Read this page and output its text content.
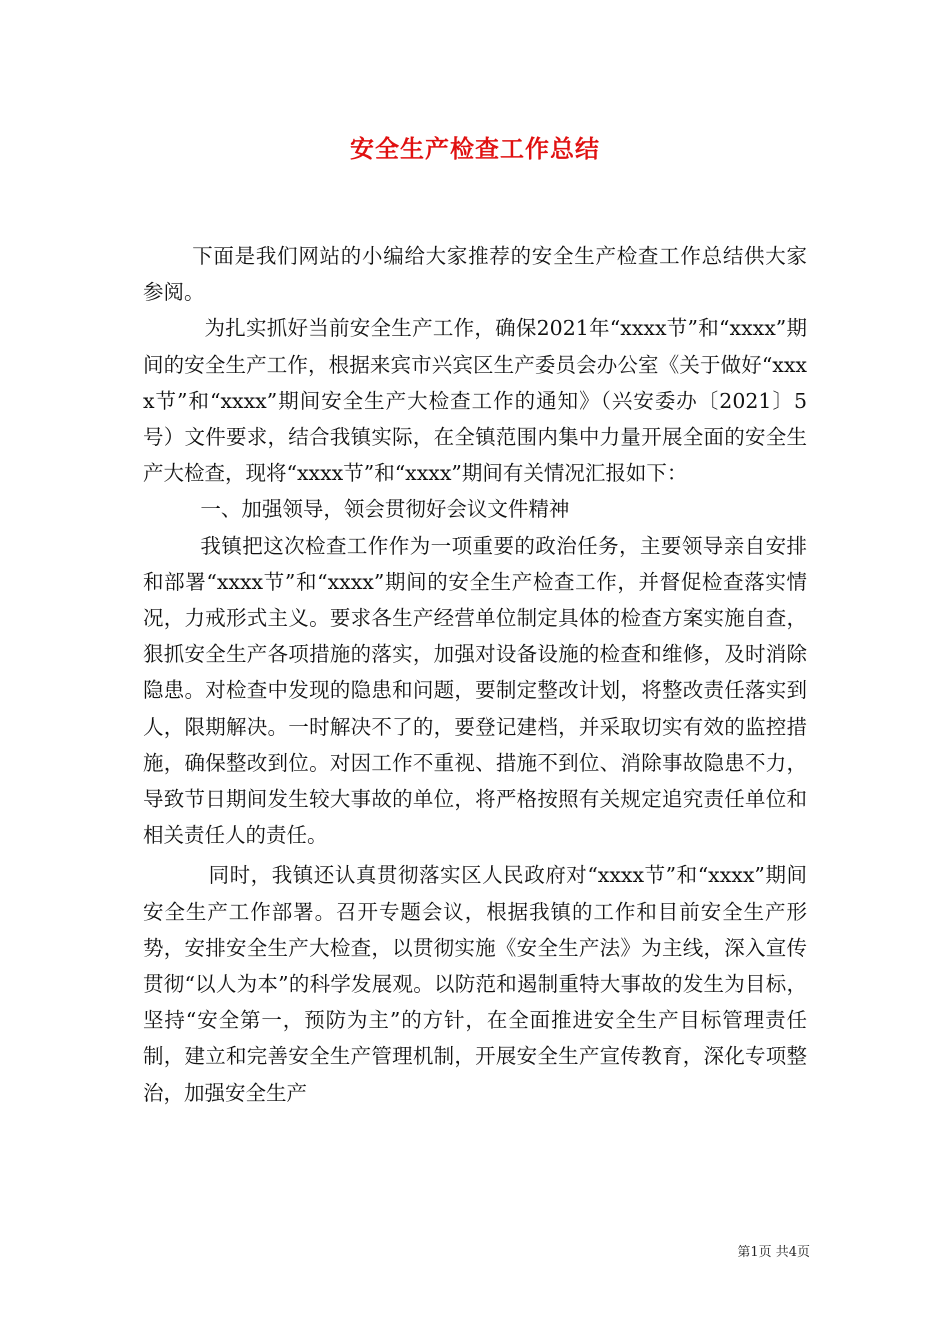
安全生产检查工作总结

下面是我们网站的小编给大家推荐的安全生产检查工作总结供大家参阅。

为扎实抓好当前安全生产工作，确保2021年“xxxx节”和“xxxx”期间的安全生产工作，根据来宾市兴宾区生产委员会办公室《关于做好“xxxx节”和“xxxx”期间安全生产大检查工作的通知》（兴安委办〔2021〕5号）文件要求，结合我镇实际，在全镇范围内集中力量开展全面的安全生产大检查，现将“xxxx节”和“xxxx”期间有关情况汇报如下：

一、加强领导，领会贯彻好会议文件精神

我镇把这次检查工作作为一项重要的政治任务，主要领导亲自安排和部署“xxxx节”和“xxxx”期间的安全生产检查工作，并督促检查落实情况，力戒形式主义。要求各生产经营单位制定具体的检查方案实施自查，狠抓安全生产各项措施的落实，加强对设备设施的检查和维修，及时消除隐患。对检查中发现的隐患和问题，要制定整改计划，将整改责任落实到人，限期解决。一时解决不了的，要登记建档，并采取切实有效的监控措施，确保整改到位。对因工作不重视、措施不到位、消除事故隐患不力，导致节日期间发生较大事故的单位，将严格按照有关规定追究责任单位和相关责任人的责任。

同时，我镇还认真贯彻落实区人民政府对“xxxx节”和“xxxx”期间安全生产工作部署。召开专题会议，根据我镇的工作和目前安全生产形势，安排安全生产大检查，以贯彻实施《安全生产法》为主线，深入宣传贯彻“以人为本”的科学发展观。以防范和遏制重特大事故的发生为目标，坚持“安全第一，预防为主”的方针，在全面推进安全生产目标管理责任制，建立和完善安全生产管理机制，开展安全生产宣传教育，深化专项整治，加强安全生产

第1页 共4页
